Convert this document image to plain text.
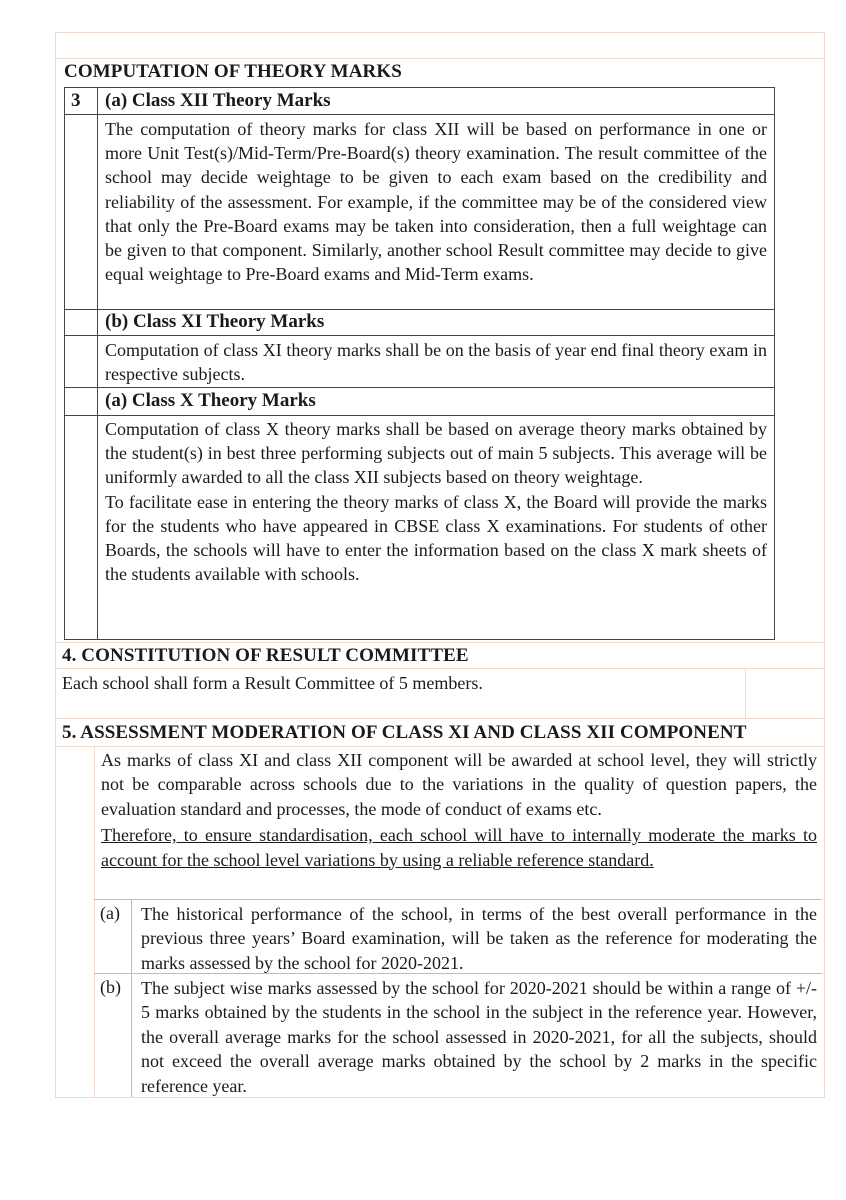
COMPUTATION OF THEORY MARKS
3 (a) Class XII Theory Marks

The computation of theory marks for class XII will be based on performance in one or more Unit Test(s)/Mid-Term/Pre-Board(s) theory examination. The result committee of the school may decide weightage to be given to each exam based on the credibility and reliability of the assessment. For example, if the committee may be of the considered view that only the Pre-Board exams may be taken into consideration, then a full weightage can be given to that component. Similarly, another school Result committee may decide to give equal weightage to Pre-Board exams and Mid-Term exams.

(b) Class XI Theory Marks

Computation of class XI theory marks shall be on the basis of year end final theory exam in respective subjects.

(a) Class X Theory Marks

Computation of class X theory marks shall be based on average theory marks obtained by the student(s) in best three performing subjects out of main 5 subjects. This average will be uniformly awarded to all the class XII subjects based on theory weightage.

To facilitate ease in entering the theory marks of class X, the Board will provide the marks for the students who have appeared in CBSE class X examinations. For students of other Boards, the schools will have to enter the information based on the class X mark sheets of the students available with schools.

4. CONSTITUTION OF RESULT COMMITTEE
Each school shall form a Result Committee of 5 members.
5. ASSESSMENT MODERATION OF CLASS XI AND CLASS XII COMPONENT

As marks of class XI and class XII component will be awarded at school level, they will strictly not be comparable across schools due to the variations in the quality of question papers, the evaluation standard and processes, the mode of conduct of exams etc.

Therefore, to ensure standardisation, each school will have to internally moderate the marks to account for the school level variations by using a reliable reference standard.

(a) The historical performance of the school, in terms of the best overall performance in the previous three years’ Board examination, will be taken as the reference for moderating the marks assessed by the school for 2020-2021.
(b) The subject wise marks assessed by the school for 2020-2021 should be within a range of +/- 5 marks obtained by the students in the school in the subject in the reference year. However, the overall average marks for the school assessed in 2020-2021, for all the subjects, should not exceed the overall average marks obtained by the school by 2 marks in the specific reference year.
